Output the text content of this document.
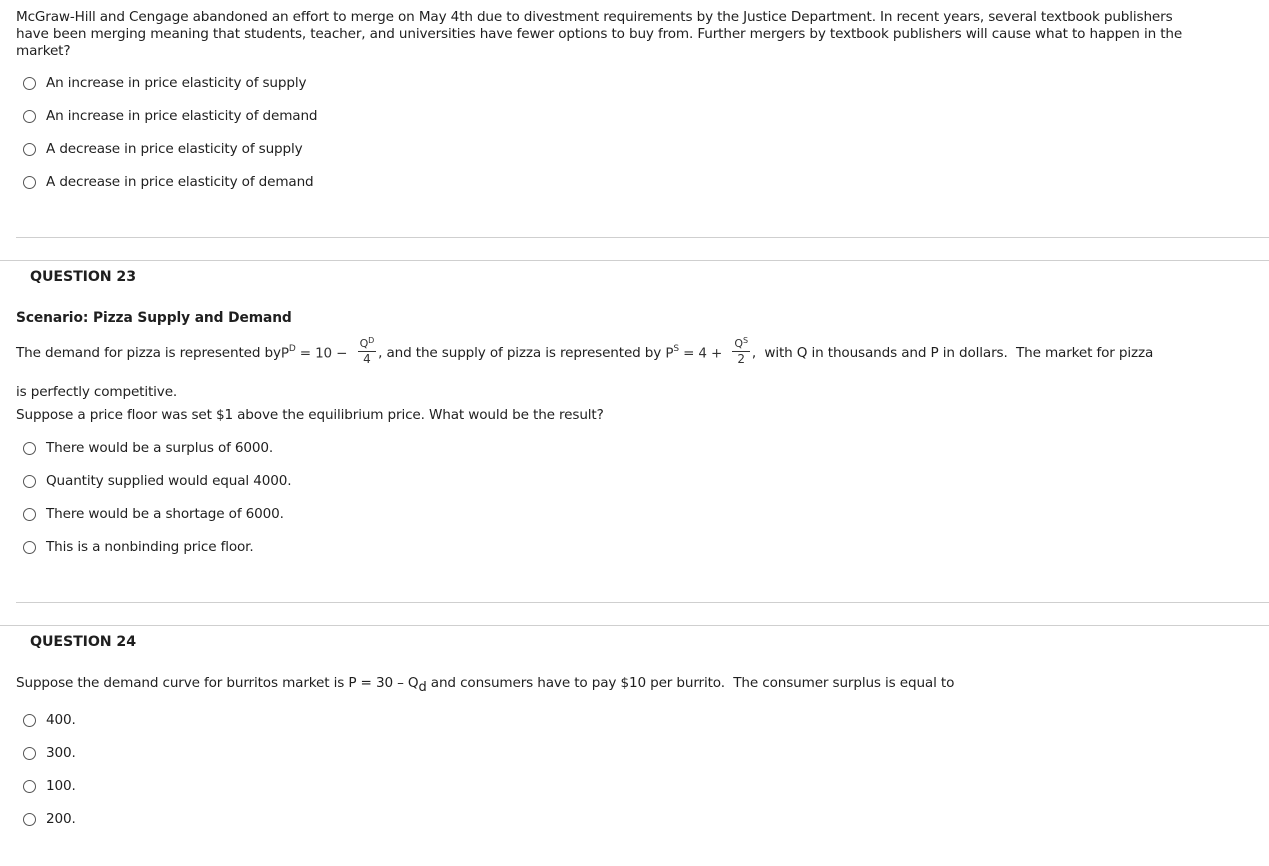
McGraw-Hill and Cengage abandoned an effort to merge on May 4th due to divestment requirements by the Justice Department. In recent years, several textbook publishers have been merging meaning that students, teacher, and universities have fewer options to buy from. Further mergers by textbook publishers will cause what to happen in the market?
An increase in price elasticity of supply
An increase in price elasticity of demand
A decrease in price elasticity of supply
A decrease in price elasticity of demand
QUESTION 23
Scenario: Pizza Supply and Demand
The demand for pizza is represented by $P^D = 10 - \frac{Q^D}{4}$ , and the supply of pizza is represented by $P^S = 4 + \frac{Q^S}{2}$ ,  with Q in thousands and P in dollars.  The market for pizza
is perfectly competitive.
Suppose a price floor was set $1 above the equilibrium price. What would be the result?
There would be a surplus of 6000.
Quantity supplied would equal 4000.
There would be a shortage of 6000.
This is a nonbinding price floor.
QUESTION 24
Suppose the demand curve for burritos market is P = 30 – Qd and consumers have to pay $10 per burrito.  The consumer surplus is equal to
400.
300.
100.
200.
